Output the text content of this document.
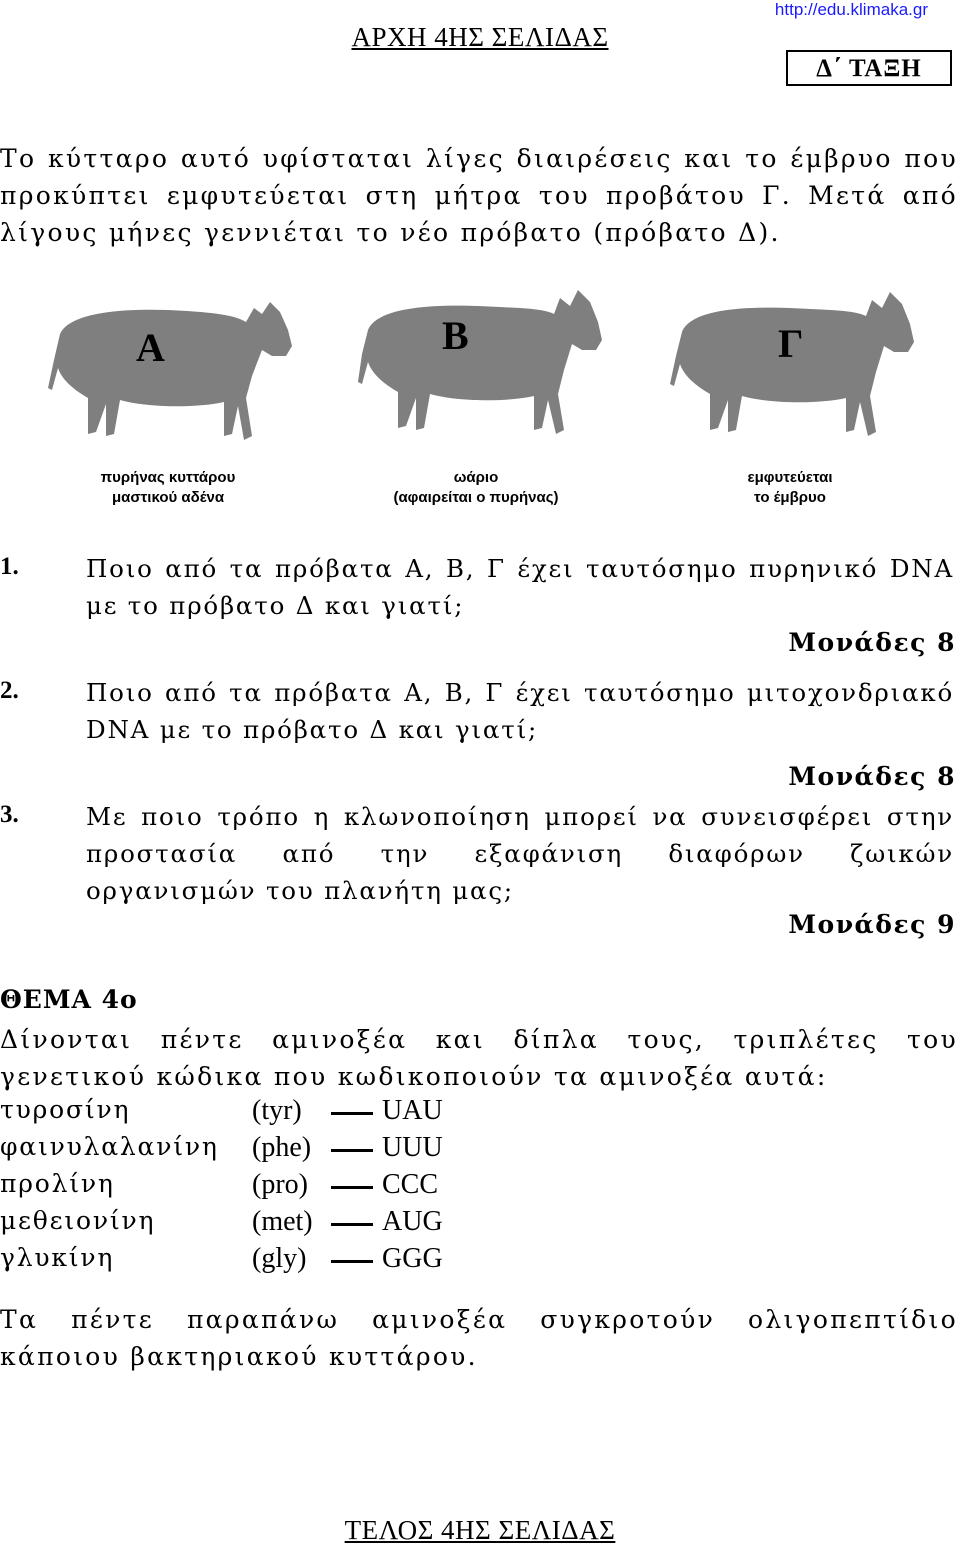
ΑΡΧΗ 4ΗΣ ΣΕΛΙΔΑΣ
http://edu.klimaka.gr
Δ΄ ΤΑΞΗ
Το κύτταρο αυτό υφίσταται λίγες διαιρέσεις και το έμβρυο που προκύπτει εμφυτεύεται στη μήτρα του προβάτου Γ. Μετά από λίγους μήνες γεννιέται το νέο πρόβατο (πρόβατο Δ).
Α	Β	Γ
πυρήνας κυττάρου
μαστικού αδένα
ωάριο
(αφαιρείται ο πυρήνας)
εμφυτεύεται
το έμβρυο
1.	Ποιο από τα πρόβατα Α, Β, Γ έχει ταυτόσημο πυρηνικό DNA με το πρόβατο Δ και γιατί;
Μονάδες 8
2.	Ποιο από τα πρόβατα Α, Β, Γ έχει ταυτόσημο μιτοχονδριακό DNA με το πρόβατο Δ και γιατί;
Μονάδες 8
3.	Με ποιο τρόπο η κλωνοποίηση μπορεί να συνεισφέρει στην προστασία από την εξαφάνιση διαφόρων ζωικών οργανισμών του πλανήτη μας;
Μονάδες 9
ΘΕΜΑ 4ο
Δίνονται πέντε αμινοξέα και δίπλα τους, τριπλέτες του γενετικού κώδικα που κωδικοποιούν τα αμινοξέα αυτά:
τυροσίνη	(tyr)	UAU
φαινυλαλανίνη (phe)	UUU
προλίνη	(pro)	CCC
μεθειονίνη	(met) AUG
γλυκίνη	(gly)	GGG
Τα πέντε παραπάνω αμινοξέα συγκροτούν ολιγοπεπτίδιο κάποιου βακτηριακού κυττάρου.
ΤΕΛΟΣ 4ΗΣ ΣΕΛΙΔΑΣ
